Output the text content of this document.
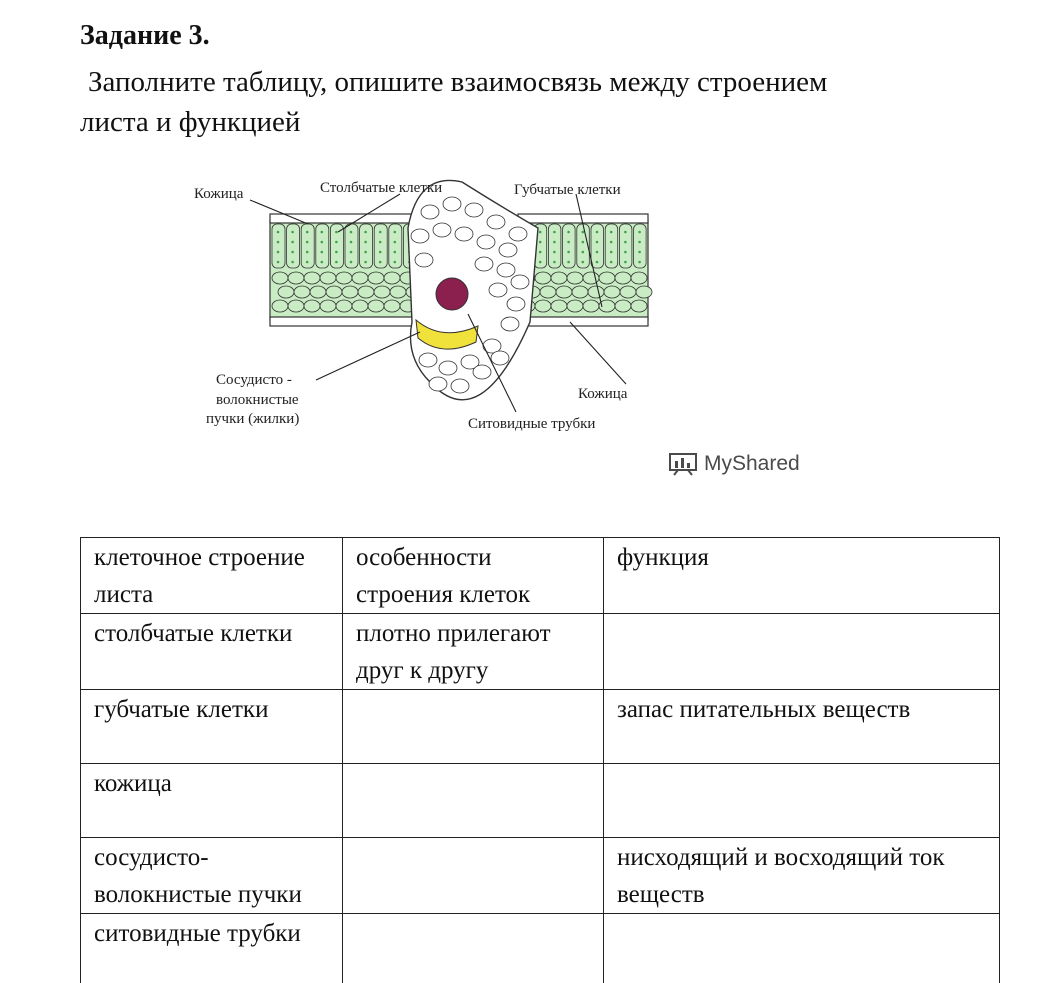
Задание 3.

Заполните таблицу, опишите взаимосвязь между строением
листа и функцией

Кожица	Столбчатые клетки	Губчатые клетки
Сосудисто -
волокнистые
пучки (жилки)
Кожица
Ситовидные трубки
MyShared
клеточное строение листа	особенности строения клеток	функция
столбчатые клетки	плотно прилегают друг к другу	
губчатые клетки		запас питательных веществ
кожица		
сосудисто-волокнистые пучки		нисходящий и восходящий ток веществ
ситовидные трубки		
